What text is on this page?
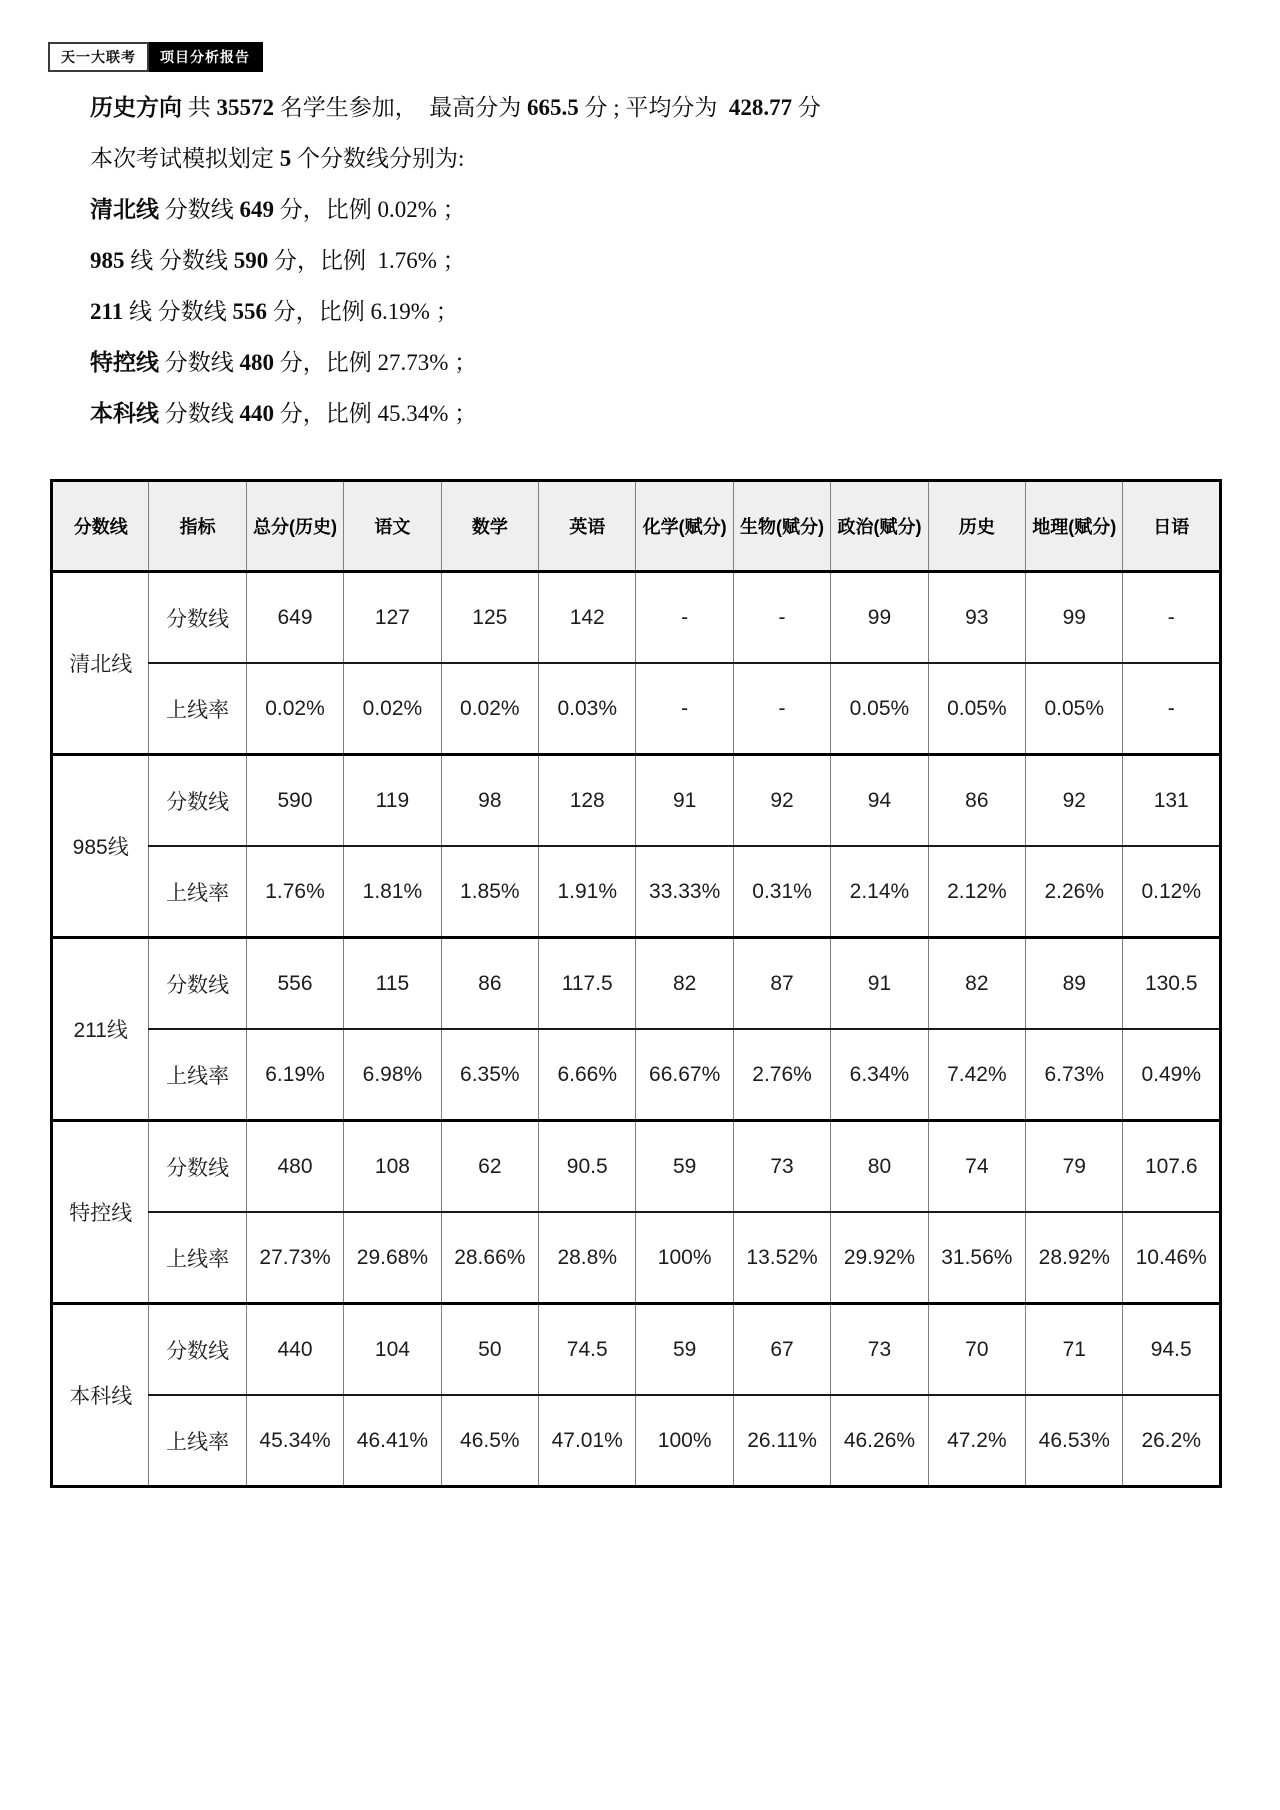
天一大联考	项目分析报告
历史方向 共 35572 名学生参加，  最高分为 665.5 分 ; 平均分为  428.77 分
本次考试模拟划定 5 个分数线分别为:
清北线 分数线 649 分，比例 0.02% ；
985 线 分数线 590 分，比例  1.76% ；
211 线 分数线 556 分，比例 6.19% ；
特控线 分数线 480 分，比例 27.73% ；
本科线 分数线 440 分，比例 45.34% ；
分数线	指标	总分(历史)	语文	数学	英语	化学(赋分)	生物(赋分)	政治(赋分)	历史	地理(赋分)	日语
清北线	分数线	649	127	125	142	-	-	99	93	99	-
	上线率	0.02%	0.02%	0.02%	0.03%	-	-	0.05%	0.05%	0.05%	-
985线	分数线	590	119	98	128	91	92	94	86	92	131
	上线率	1.76%	1.81%	1.85%	1.91%	33.33%	0.31%	2.14%	2.12%	2.26%	0.12%
211线	分数线	556	115	86	117.5	82	87	91	82	89	130.5
	上线率	6.19%	6.98%	6.35%	6.66%	66.67%	2.76%	6.34%	7.42%	6.73%	0.49%
特控线	分数线	480	108	62	90.5	59	73	80	74	79	107.6
	上线率	27.73%	29.68%	28.66%	28.8%	100%	13.52%	29.92%	31.56%	28.92%	10.46%
本科线	分数线	440	104	50	74.5	59	67	73	70	71	94.5
	上线率	45.34%	46.41%	46.5%	47.01%	100%	26.11%	46.26%	47.2%	46.53%	26.2%
